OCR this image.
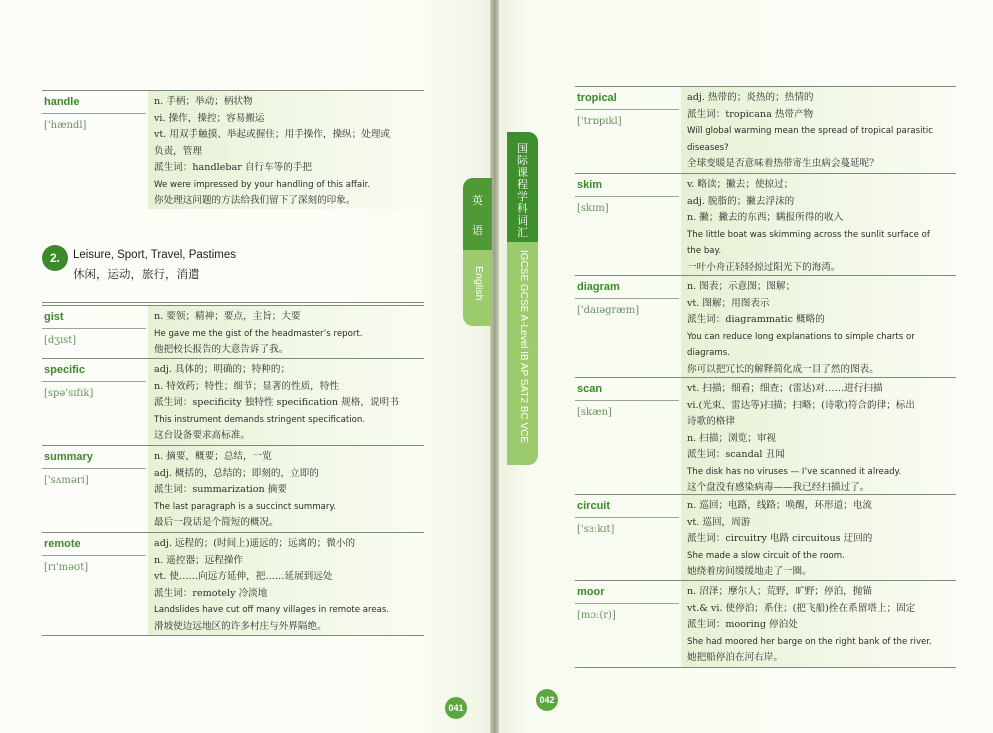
英
语
English
国
际
课
程
学
科
词
汇
IGCSE GCSE A-Level IB AP SAT2 BC VCE
2.	Leisure, Sport, Travel, Pastimes
休闲，运动，旅行，消遣
handle
['hændl]
n. 手柄；举动；柄状物
vi. 操作，操控；容易搬运
vt. 用双手触摸、举起或握住；用手操作，操纵；处理或
负责，管理
派生词：handlebar 自行车等的手把
We were impressed by your handling of this affair.
你处理这问题的方法给我们留下了深刻的印象。
gist
[dʒɪst]
n. 要领；精神；要点，主旨；大要
He gave me the gist of the headmaster’s report.
他把校长报告的大意告诉了我。
specific
[spə'sɪfɪk]
adj. 具体的；明确的；特种的；
n. 特效药；特性；细节；显著的性质，特性
派生词：specificity 独特性 specification 规格，说明书
This instrument demands stringent specification.
这台设备要求高标准。
summary
['sʌməri]
n. 摘要，概要；总结，一览
adj. 概括的，总结的；即刻的，立即的
派生词：summarization 摘要
The last paragraph is a succinct summary.
最后一段话是个简短的概况。
remote
[rɪ'məʊt]
adj. 远程的；(时间上)遥远的；远离的；微小的
n. 遥控器；远程操作
vt. 使……向远方延伸，把……延展到远处
派生词：remotely 冷淡地
Landslides have cut off many villages in remote areas.
滑坡使边远地区的许多村庄与外界隔绝。
tropical
['trɒpɪkl]
adj. 热带的；炎热的；热情的
派生词：tropicana 热带产物
Will global warming mean the spread of tropical parasitic
diseases?
全球变暖是否意味着热带寄生虫病会蔓延呢？
skim
[skɪm]
v. 略读；撇去；使掠过；
adj. 脱脂的；撇去浮沫的
n. 撇；撇去的东西；瞒报所得的收入
The little boat was skimming across the sunlit surface of
the bay.
一叶小舟正轻轻掠过阳光下的海湾。
diagram
['daɪəgræm]
n. 图表；示意图；图解；
vt. 图解；用图表示
派生词：diagrammatic 概略的
You can reduce long explanations to simple charts or
diagrams.
你可以把冗长的解释简化成一目了然的图表。
scan
[skæn]
vt. 扫描；细看；细查；(雷达)对……进行扫描
vi.(光束、雷达等)扫描；扫略；(诗歌)符合韵律；标出
诗歌的格律
n. 扫描；浏览；审视
派生词：scandal 丑闻
The disk has no viruses — I’ve scanned it already.
这个盘没有感染病毒——我已经扫描过了。
circuit
['sɜːkɪt]
n. 巡回；电路，线路；唤醒，环形道；电流
vt. 巡回，周游
派生词：circuitry 电路 circuitous 迂回的
She made a slow circuit of the room.
她绕着房间缓缓地走了一圈。
moor
[mɔː(r)]
n. 沼泽；摩尔人；荒野，旷野；停泊，抛锚
vt.& vi. 使停泊；系住；(把飞船)拴在系留塔上；固定
派生词：mooring 停泊处
She had moored her barge on the right bank of the river.
她把船停泊在河右岸。
041
042
